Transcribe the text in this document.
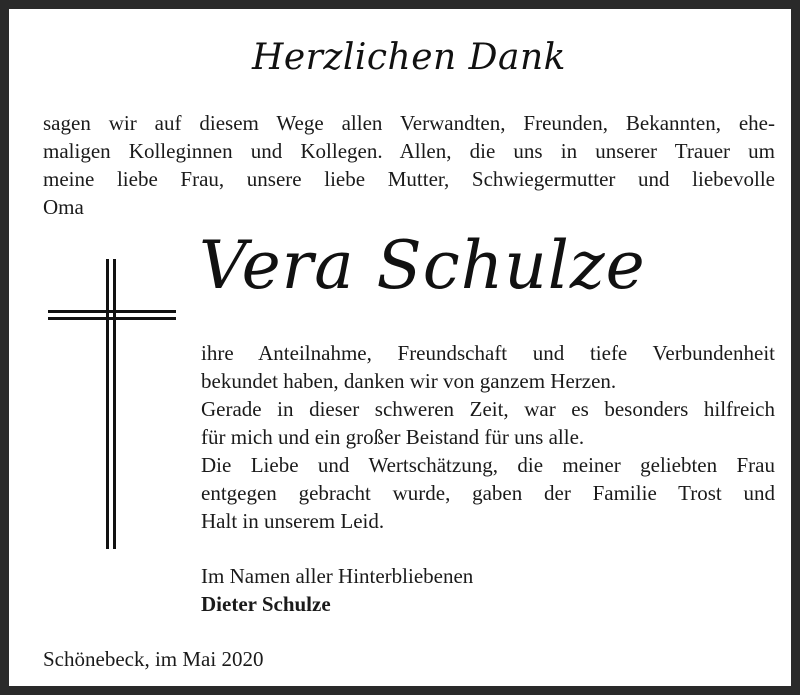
Herzlichen Dank
sagen wir auf diesem Wege allen Verwandten, Freunden, Bekannten, ehe-
maligen Kolleginnen und Kollegen. Allen, die uns in unserer Trauer um
meine liebe Frau, unsere liebe Mutter, Schwiegermutter und liebevolle
Oma
Vera Schulze
ihre Anteilnahme, Freundschaft und tiefe Verbundenheit
bekundet haben, danken wir von ganzem Herzen.
Gerade in dieser schweren Zeit, war es besonders hilfreich
für mich und ein großer Beistand für uns alle.
Die Liebe und Wertschätzung, die meiner geliebten Frau
entgegen gebracht wurde, gaben der Familie Trost und
Halt in unserem Leid.
Im Namen aller Hinterbliebenen
Dieter Schulze
Schönebeck, im Mai 2020
